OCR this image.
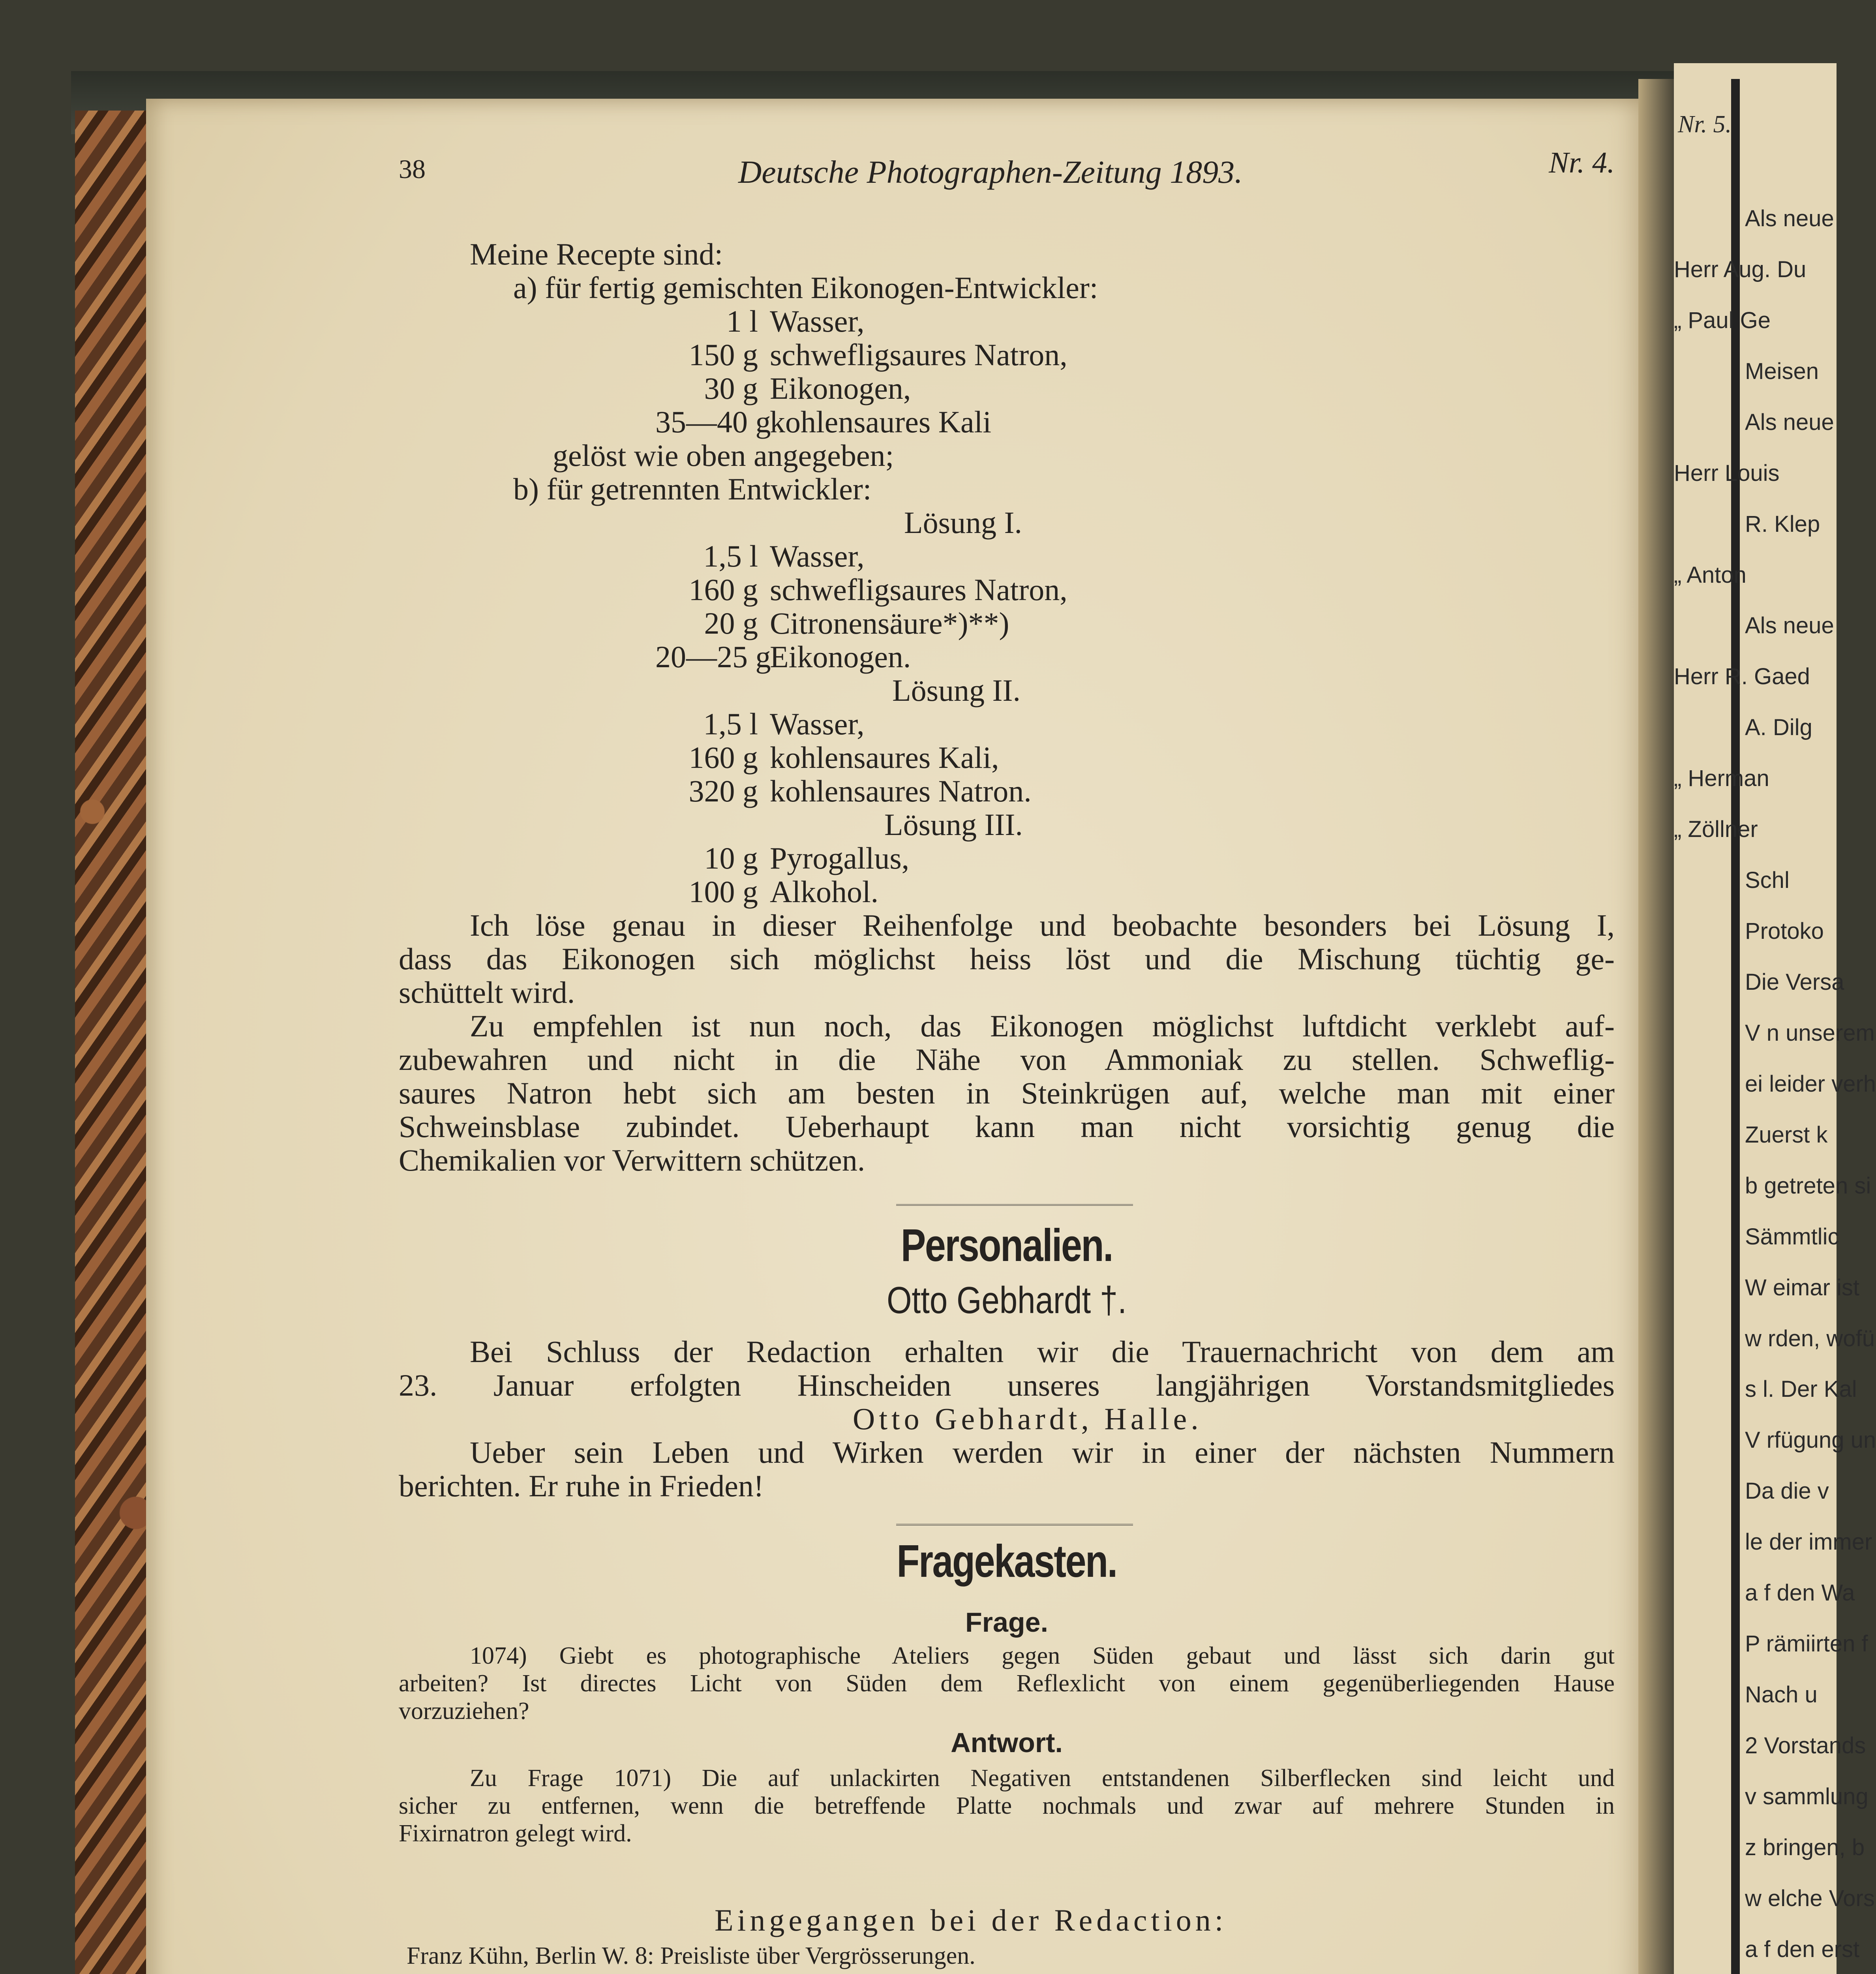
Nr. 5.
Als neue
Herr Aug. Du
„ Paul Ge
Meisen
Als neue
Herr Louis
R. Klep
„ Anton
Als neue
Herr R. Gaed
A. Dilg
„ Herman
„ Zöllner
Schl
Protoko
Die Versa
V n unserem
ei leider verh
Zuerst k
b getreten si
Sämmtlic
W eimar ist
w rden, wofü
s l. Der Kal
V rfügung un
Da die v
le der immer
a f den Wa
P rämiirten f
Nach u
2 Vorstands
v sammlung
z bringen, b
w elche Vors
a f den erst
38	Deutsche Photographen-Zeitung 1893.	Nr. 4.
Meine Recepte sind:
a) für fertig gemischten Eikonogen-Entwickler:
1 l Wasser,
150 g schwefligsaures Natron,
30 g Eikonogen,
35—40 g
kohlensaures Kali
gelöst wie oben angegeben;
b) für getrennten Entwickler:
Lösung I.
1,5 l Wasser,
160 g schwefligsaures Natron,
20 g Citronensäure*)**)
20—25 g
Eikonogen.
Lösung II.
1,5 l Wasser,
160 g kohlensaures Kali,
320 g kohlensaures Natron.
Lösung III.
10 g Pyrogallus,
100 g Alkohol.
Ich löse genau in dieser Reihenfolge und beobachte besonders bei Lösung I,
dass das Eikonogen sich möglichst heiss löst und die Mischung tüchtig ge-
schüttelt wird.
Zu empfehlen ist nun noch, das Eikonogen möglichst luftdicht verklebt auf-
zubewahren und nicht in die Nähe von Ammoniak zu stellen. Schweflig-
saures Natron hebt sich am besten in Steinkrügen auf, welche man mit einer
Schweinsblase zubindet. Ueberhaupt kann man nicht vorsichtig genug die
Chemikalien vor Verwittern schützen.
Personalien.
Otto Gebhardt †.
Bei Schluss der Redaction erhalten wir die Trauernachricht von dem am
23. Januar erfolgten Hinscheiden unseres langjährigen Vorstandsmitgliedes
Otto Gebhardt, Halle.
Ueber sein Leben und Wirken werden wir in einer der nächsten Nummern
berichten. Er ruhe in Frieden!
Fragekasten.
Frage.
1074) Giebt es photographische Ateliers gegen Süden gebaut und lässt sich darin gut
arbeiten? Ist directes Licht von Süden dem Reflexlicht von einem gegenüberliegenden Hause
vorzuziehen?
Antwort.
Zu Frage 1071) Die auf unlackirten Negativen entstandenen Silberflecken sind leicht und
sicher zu entfernen, wenn die betreffende Platte nochmals und zwar auf mehrere Stunden in
Fixirnatron gelegt wird.
Eingegangen bei der Redaction:
Franz Kühn, Berlin W. 8: Preisliste über Vergrösserungen.
